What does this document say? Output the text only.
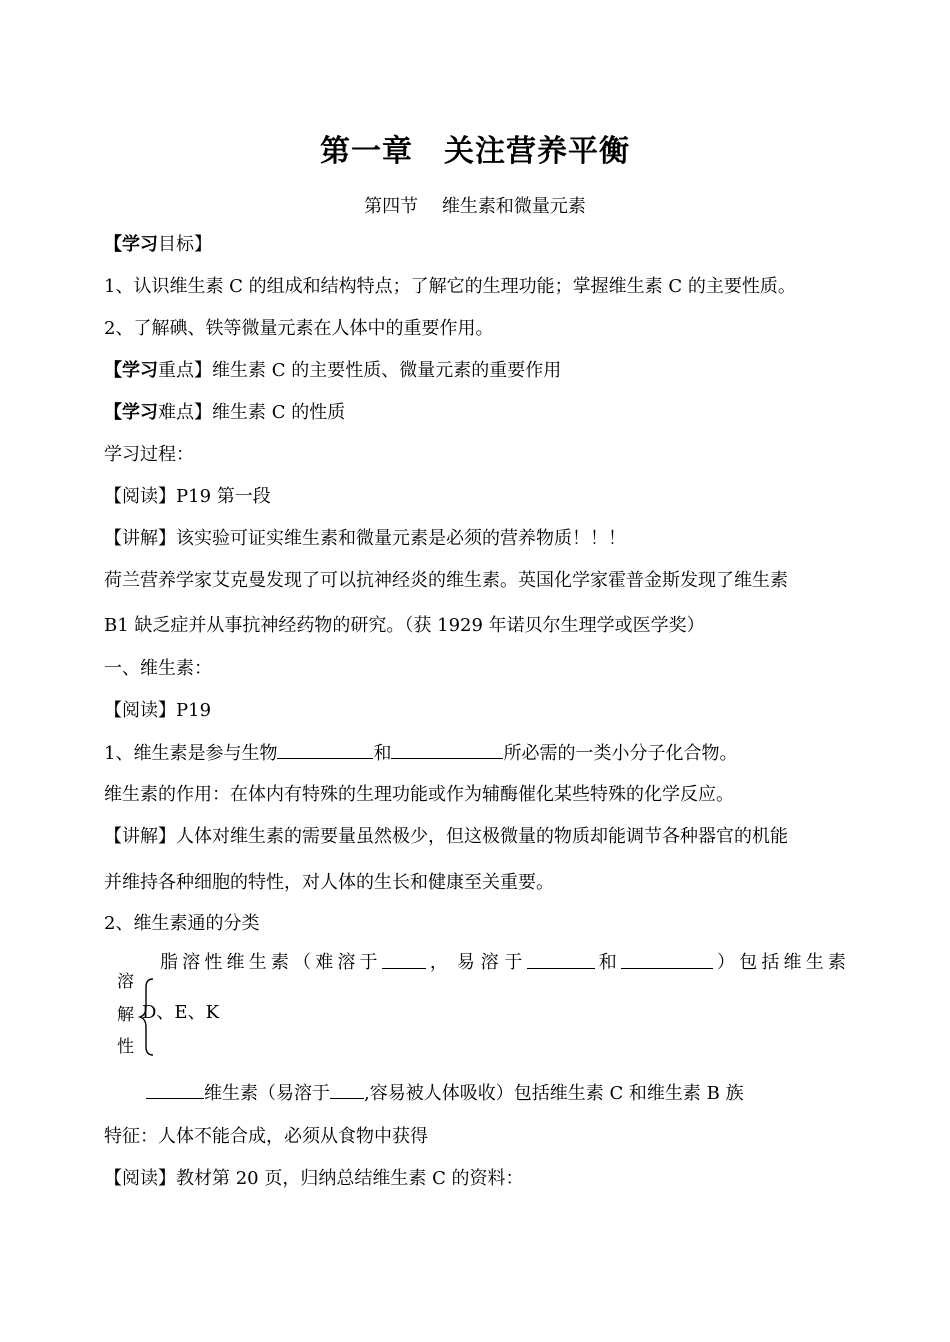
第一章　关注营养平衡
第四节　 维生素和微量元素
【学习目标】
1、认识维生素 C 的组成和结构特点；了解它的生理功能；掌握维生素 C 的主要性质。
2、了解碘、铁等微量元素在人体中的重要作用。
【学习重点】维生素 C 的主要性质、微量元素的重要作用
【学习难点】维生素 C 的性质
学习过程：
【阅读】P19 第一段
【讲解】该实验可证实维生素和微量元素是必须的营养物质！！！
荷兰营养学家艾克曼发现了可以抗神经炎的维生素。英国化学家霍普金斯发现了维生素
B1 缺乏症并从事抗神经药物的研究。（获 1929 年诺贝尔生理学或医学奖）
一、维生素：
【阅读】P19
1、维生素是参与生物	和	所必需的一类小分子化合物。
维生素的作用：在体内有特殊的生理功能或作为辅酶催化某些特殊的化学反应。
【讲解】人体对维生素的需要量虽然极少，但这极微量的物质却能调节各种器官的机能
并维持各种细胞的特性，对人体的生长和健康至关重要。
2、维生素通的分类
脂 溶 性 维 生 素 （ 难 溶 于	，　易 溶 于	和	） 包 括 维 生 素
溶
解
性
D、E、K
维生素（易溶于 ,容易被人体吸收）包括维生素 C 和维生素 B 族
特征：人体不能合成，必须从食物中获得
【阅读】教材第 20 页，归纳总结维生素 C 的资料：
